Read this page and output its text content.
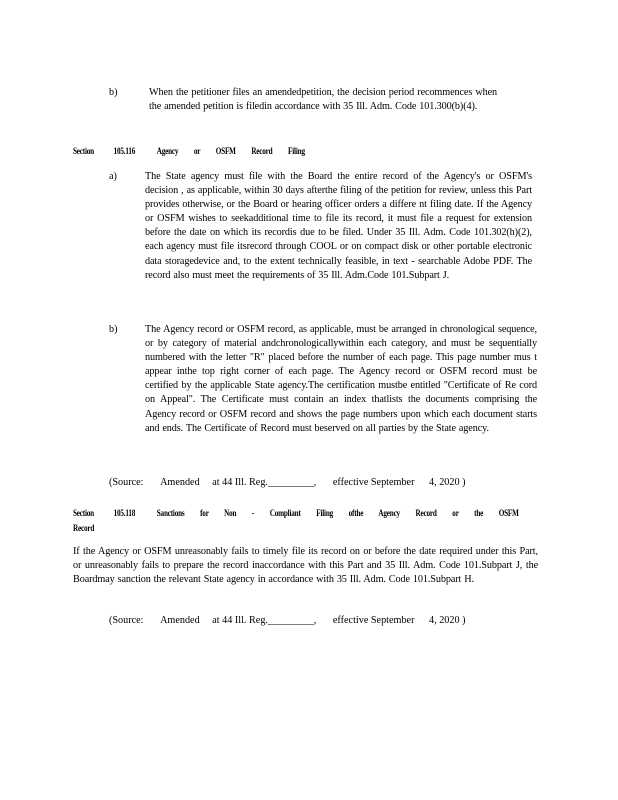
b)	When the petitioner files an amendedpetition, the decision period recommences when the amended petition is filedin accordance with 35 Ill. Adm. Code 101.300(b)(4).
Section	105.116	Agency or OSFM Record Filing
a)	The State agency must file with the Board the entire record of the Agency's or OSFM's decision , as applicable, within 30 days afterthe filing of the petition for review, unless this Part provides otherwise, or the Board or hearing officer orders a differe nt filing date. If the Agency or OSFM wishes to seekadditional time to file its record, it must file a request for extension before the date on which its recordis due to be filed. Under 35 Ill. Adm. Code 101.302(h)(2), each agency must file itsrecord through COOL or on compact disk or other portable electronic data storagedevice and, to the extent technically feasible, in text - searchable Adobe PDF. The record also must meet the requirements of 35 Ill. Adm.Code 101.Subpart J.
b)	The Agency record or OSFM record, as applicable, must be arranged in chronological sequence, or by category of material andchronologicallywithin each category, and must be sequentially numbered with the letter "R" placed before the number of each page. This page number mus t appear inthe top right corner of each page. The Agency record or OSFM record must be certified by the applicable State agency.The certification mustbe entitled "Certificate of Re cord on Appeal". The Certificate must contain an index thatlists the documents comprising the Agency record or OSFM record and shows the page numbers upon which each document starts and ends. The Certificate of Record must beserved on all parties by the State agency.
(Source: Amended at 44 Ill. Reg._________, effective September 4, 2020 )
Section	105.118	Sanctions for Non - Compliant Filing ofthe Agency Record or the OSFM
Record
If the Agency or OSFM unreasonably fails to timely file its record on or before the date required under this Part, or unreasonably fails to prepare the record inaccordance with this Part and 35 Ill. Adm. Code 101.Subpart J, the Boardmay sanction the relevant State agency in accordance with 35 Ill. Adm. Code 101.Subpart H.
(Source: Amended at 44 Ill. Reg._________, effective September 4, 2020 )
